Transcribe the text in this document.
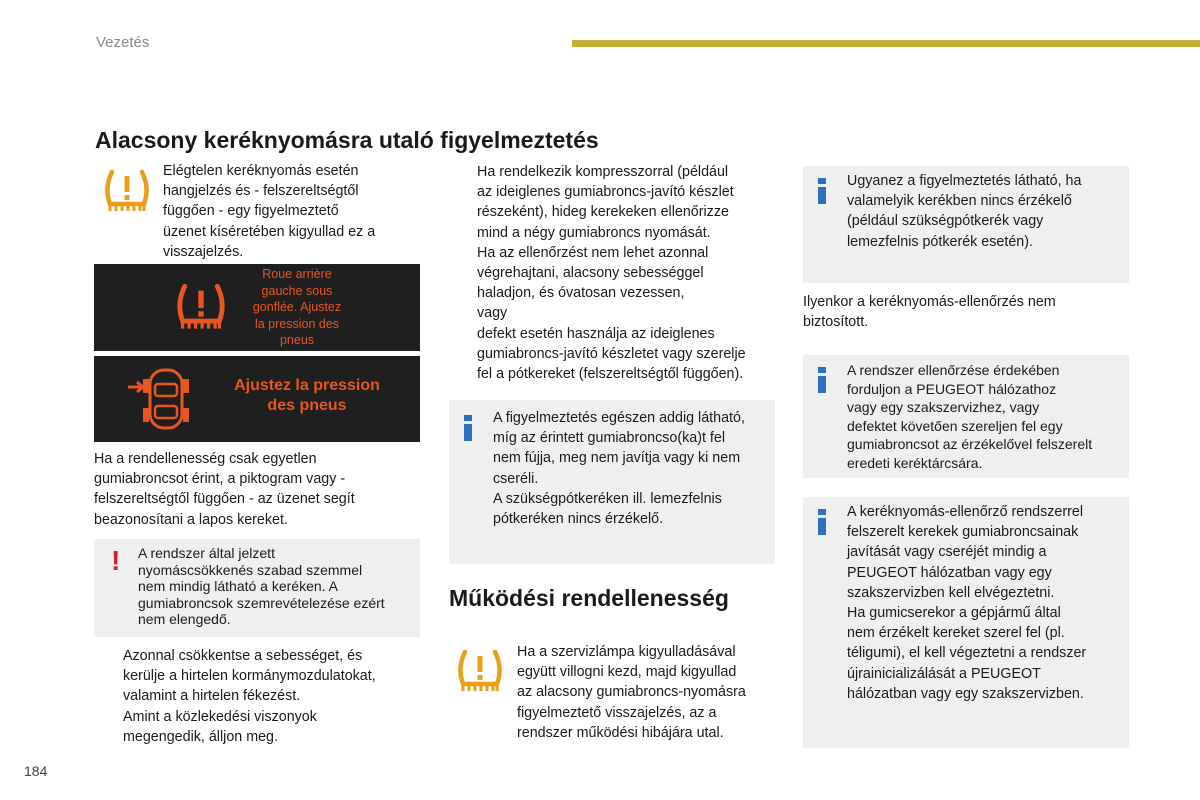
Vezetés
Alacsony keréknyomásra utaló figyelmeztetés
Elégtelen keréknyomás esetén
hangjelzés és - felszereltségtől
függően - egy figyelmeztető
üzenet kíséretében kigyullad ez a
visszajelzés.
Roue arrière
gauche sous
gonflée. Ajustez
la pression des
pneus
Ajustez la pression
des pneus
Ha a rendellenesség csak egyetlen
gumiabroncsot érint, a piktogram vagy -
felszereltségtől függően - az üzenet segít
beazonosítani a lapos kereket.
! A rendszer által jelzett
nyomáscsökkenés szabad szemmel
nem mindig látható a keréken. A
gumiabroncsok szemrevételezése ezért
nem elengedő.
Azonnal csökkentse a sebességet, és
kerülje a hirtelen kormánymozdulatokat,
valamint a hirtelen fékezést.
Amint a közlekedési viszonyok
megengedik, álljon meg.
Ha rendelkezik kompresszorral (például
az ideiglenes gumiabroncs-javító készlet
részeként), hideg kerekeken ellenőrizze
mind a négy gumiabroncs nyomását.
Ha az ellenőrzést nem lehet azonnal
végrehajtani, alacsony sebességgel
haladjon, és óvatosan vezessen,
vagy
defekt esetén használja az ideiglenes
gumiabroncs-javító készletet vagy szerelje
fel a pótkereket (felszereltségtől függően).
A figyelmeztetés egészen addig látható,
míg az érintett gumiabroncso(ka)t fel
nem fújja, meg nem javítja vagy ki nem
cseréli.
A szükségpótkeréken ill. lemezfelnis
pótkeréken nincs érzékelő.
Működési rendellenesség
Ha a szervizlámpa kigyulladásával
együtt villogni kezd, majd kigyullad
az alacsony gumiabroncs-nyomásra
figyelmeztető visszajelzés, az a
rendszer működési hibájára utal.
Ugyanez a figyelmeztetés látható, ha
valamelyik kerékben nincs érzékelő
(például szükségpótkerék vagy
lemezfelnis pótkerék esetén).
Ilyenkor a keréknyomás-ellenőrzés nem
biztosított.
A rendszer ellenőrzése érdekében
forduljon a PEUGEOT hálózathoz
vagy egy szakszervizhez, vagy
defektet követően szereljen fel egy
gumiabroncsot az érzékelővel felszerelt
eredeti keréktárcsára.
A keréknyomás-ellenőrző rendszerrel
felszerelt kerekek gumiabroncsainak
javítását vagy cseréjét mindig a
PEUGEOT hálózatban vagy egy
szakszervizben kell elvégeztetni.
Ha gumicserekor a gépjármű által
nem érzékelt kereket szerel fel (pl.
téligumi), el kell végeztetni a rendszer
újrainicializálását a PEUGEOT
hálózatban vagy egy szakszervizben.
184
